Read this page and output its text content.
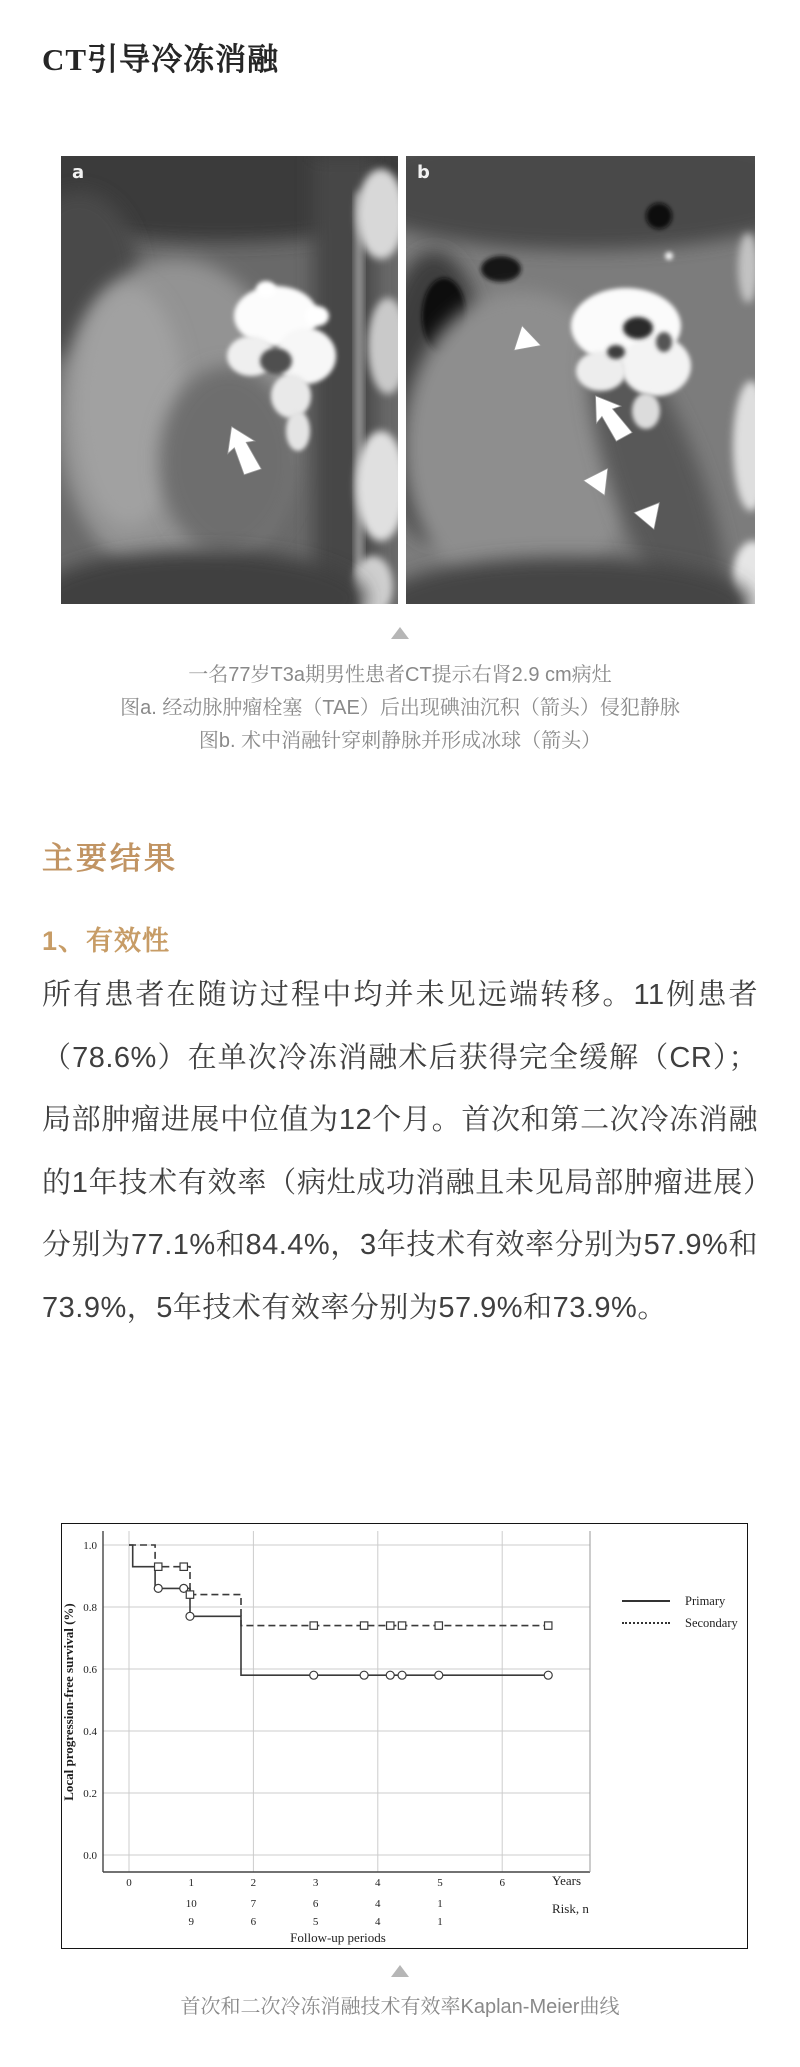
CT引导冷冻消融
a	b
一名77岁T3a期男性患者CT提示右肾2.9 cm病灶
图a. 经动脉肿瘤栓塞（TAE）后出现碘油沉积（箭头）侵犯静脉
图b. 术中消融针穿刺静脉并形成冰球（箭头）
主要结果
1、有效性

所有患者在随访过程中均并未见远端转移。11例患者（78.6%）在单次冷冻消融术后获得完全缓解（CR）；局部肿瘤进展中位值为12个月。首次和第二次冷冻消融的1年技术有效率（病灶成功消融且未见局部肿瘤进展）分别为77.1%和84.4%，3年技术有效率分别为57.9%和73.9%，5年技术有效率分别为57.9%和73.9%。

1.0
0.8
0.6
0.4
0.2
0.0
0	1	2	3	4	5	6
10	7	6	4	1
9	6	5	4	1
Local progression-free survival (%)
Years
Risk, n
Follow-up periods
Primary
Secondary
首次和二次冷冻消融技术有效率Kaplan-Meier曲线
